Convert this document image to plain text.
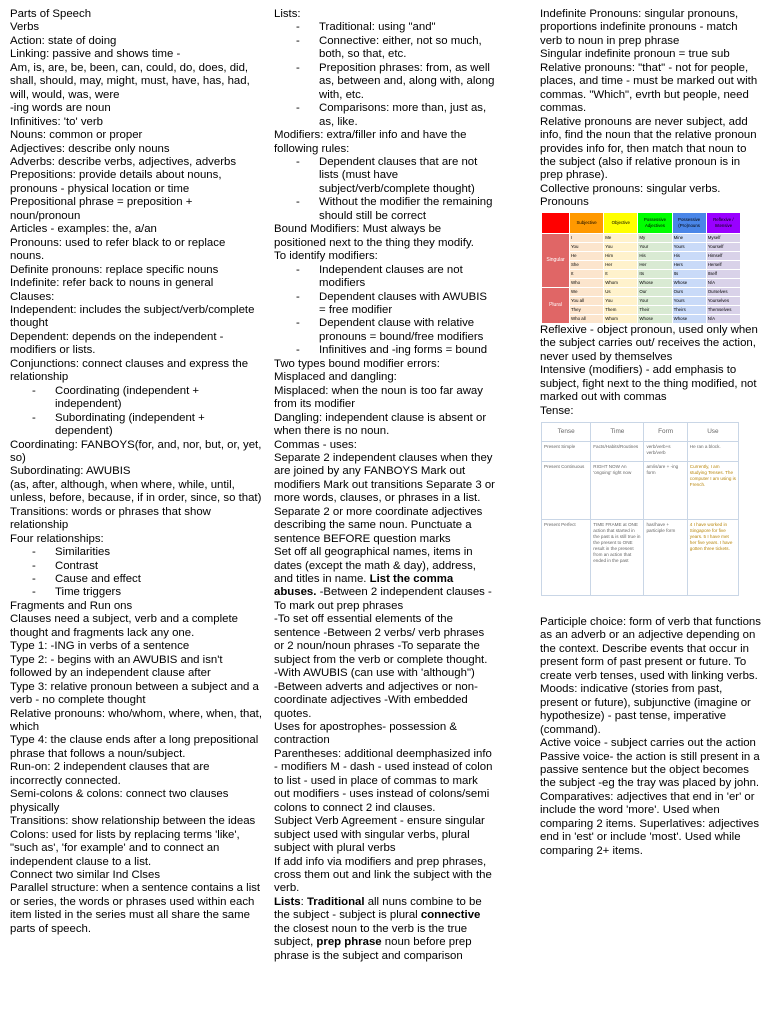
Parts of Speech

Verbs

Action: state of doing

Linking: passive and shows time -

Am, is, are, be, been, can, could, do, does, did, shall, should, may, might, must, have, has, had, will, would, was, were

-ing words are noun

Infinitives: 'to' verb

Nouns: common or proper

Adjectives: describe only nouns

Adverbs: describe verbs, adjectives, adverbs

Prepositions: provide details about nouns, pronouns - physical location or time

Prepositional phrase = preposition + noun/pronoun

Articles - examples: the, a/an

Pronouns: used to refer black to or replace nouns.

Definite pronouns: replace specific nouns

Indefinite: refer back to nouns in general

Clauses:

Independent: includes the subject/verb/complete thought

Dependent: depends on the independent - modifiers or lists.

Conjunctions: connect clauses and express the relationship

- Coordinating (independent + independent)
- Subordinating (independent + dependent)

Coordinating: FANBOYS(for, and, nor, but, or, yet, so)

Subordinating: AWUBIS

(as, after, although, when where, while, until, unless, before, because, if in order, since, so that)

Transitions: words or phrases that show relationship

Four relationships:

- Similarities
- Contrast
- Cause and effect
- Time triggers

Fragments and Run ons

Clauses need a subject, verb and a complete thought and fragments lack any one.

Type 1: -ING in verbs of a sentence

Type 2: - begins with an AWUBIS and isn't followed by an independent clause after

Type 3: relative pronoun between a subject and a verb - no complete thought

Relative pronouns: who/whom, where, when, that, which

Type 4: the clause ends after a long prepositional phrase that follows a noun/subject.

Run-on: 2 independent clauses that are incorrectly connected.

Semi-colons & colons: connect two clauses physically

Transitions: show relationship between the ideas

Colons: used for lists by replacing terms 'like', "such as', 'for example' and to connect an independent clause to a list.

Connect two similar Ind Clses

Parallel structure: when a sentence contains a list or series, the words or phrases used within each item listed in the series must all share the same parts of speech.

Lists:

- Traditional: using "and"
- Connective: either, not so much, both, so that, etc.
- Preposition phrases: from, as well as, between and, along with, along with, etc.
- Comparisons: more than, just as, as, like.

Modifiers: extra/filler info and have the following rules:

- Dependent clauses that are not lists (must have subject/verb/complete thought)
- Without the modifier the remaining should still be correct

Bound Modifiers: Must always be positioned next to the thing they modify.

To identify modifiers:

- Independent clauses are not modifiers
- Dependent clauses with AWUBIS = free modifier
- Dependent clause with relative pronouns = bound/free modifiers
- Infinitives and -ing forms = bound

Two types bound modifier errors:

Misplaced and dangling:

Misplaced: when the noun is too far away from its modifier

Dangling: independent clause is absent or when there is no noun.

Commas - uses:

Separate 2 independent clauses when they are joined by any FANBOYS Mark out modifiers Mark out transitions Separate 3 or more words, clauses, or phrases in a list.

Separate 2 or more coordinate adjectives describing the same noun. Punctuate a sentence BEFORE question marks

Set off all geographical names, items in dates (except the math & day), address, and titles in name. List the comma abuses. -Between 2 independent clauses -To mark out prep phrases

-To set off essential elements of the sentence -Between 2 verbs/ verb phrases or 2 noun/noun phrases -To separate the subject from the verb or complete thought.

-With AWUBIS (can use with 'although")

-Between adverts and adjectives or non-coordinate adjectives -With embedded quotes.

Uses for apostrophes- possession & contraction

Parentheses: additional deemphasized info - modifiers M - dash - used instead of colon to list - used in place of commas to mark out modifiers - uses instead of colons/semi colons to connect 2 ind clauses.

Subject Verb Agreement - ensure singular subject used with singular verbs, plural subject with plural verbs

If add info via modifiers and prep phrases, cross them out and link the subject with the verb.

Lists: Traditional all nuns combine to be the subject - subject is plural connective the closest noun to the verb is the true subject, prep phrase noun before prep phrase is the subject and comparison

Indefinite Pronouns: singular pronouns, proportions indefinite pronouns - match verb to noun in prep phrase

Singular indefinite pronoun = true sub

Relative pronouns: "that" - not for people, places, and time - must be marked out with commas. "Which", evrth but people, need commas.

Relative pronouns are never subject, add info, find the noun that the relative pronoun provides info for, then match that noun to the subject (also if relative pronoun is in prep phrase).

Collective pronouns: singular verbs.

Pronouns

	Subjective	Objective	Possessive Adjectives	Possessive (Pro)nouns	Reflexive / Intensive
Singular	I	Me	My	Mine	Myself
	You	You	Your	Yours	Yourself
	He	Him	His	His	Himself
	She	Her	Her	Hers	Herself
	It	It	Its	Its	Itself
	Who	Whom	Whose	Whose	N/A
Plural	We	Us	Our	Ours	Ourselves
	You all	You	Your	Yours	Yourselves
	They	Them	Their	Theirs	Themselves
	Who all	Whom	Whose	Whose	N/A

Reflexive - object pronoun, used only when the subject carries out/ receives the action, never used by themselves

Intensive (modifiers) - add emphasis to subject, fight next to the thing modified, not marked out with commas

Tense:

Tense	Time	Form	Use
Present Simple	Facts/Habits/Routines	verb/verb+s verb/verb	He ran a block.
Present Continuous	RIGHT NOW An 'ongoing' right now	am/is/are + -ing form	Currently, I am studying Tenses. The computer I am using is French.
Present Perfect	TIME FRAME at ONE action that started in the past & is still true in the present to ONE result in the present from an action that ended in the past	has/have + participle form	4 I have worked in Singapore for five years. 5 I have met her five years. I have gotten three tickets.

Participle choice: form of verb that functions as an adverb or an adjective depending on the context. Describe events that occur in present form of past present or future. To create verb tenses, used with linking verbs.

Moods: indicative (stories from past, present or future), subjunctive (imagine or hypothesize) - past tense, imperative (command).

Active voice - subject carries out the action

Passive voice- the action is still present in a passive sentence but the object becomes the subject -eg the tray was placed by john.

Comparatives: adjectives that end in 'er' or include the word 'more'. Used when comparing 2 items. Superlatives: adjectives end in 'est' or include 'most'. Used while comparing 2+ items.
